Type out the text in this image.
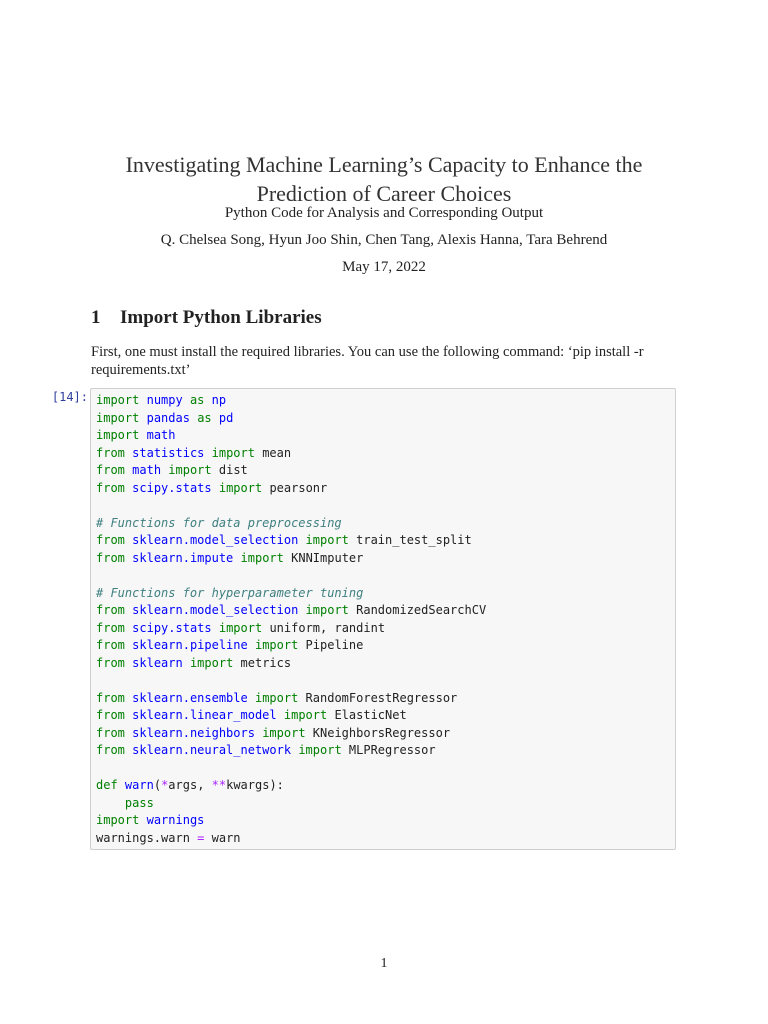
Investigating Machine Learning’s Capacity to Enhance the
Prediction of Career Choices
Python Code for Analysis and Corresponding Output
Q. Chelsea Song, Hyun Joo Shin, Chen Tang, Alexis Hanna, Tara Behrend
May 17, 2022
1 Import Python Libraries
First, one must install the required libraries. You can use the following command: ‘pip install -r requirements.txt’
[14]: import numpy as np
import pandas as pd
import math
from statistics import mean
from math import dist
from scipy.stats import pearsonr
# Functions for data preprocessing
from sklearn.model_selection import train_test_split
from sklearn.impute import KNNImputer
# Functions for hyperparameter tuning
from sklearn.model_selection import RandomizedSearchCV
from scipy.stats import uniform, randint
from sklearn.pipeline import Pipeline
from sklearn import metrics
from sklearn.ensemble import RandomForestRegressor
from sklearn.linear_model import ElasticNet
from sklearn.neighbors import KNeighborsRegressor
from sklearn.neural_network import MLPRegressor
def warn(*args, **kwargs):
pass
import warnings
warnings.warn = warn
1
